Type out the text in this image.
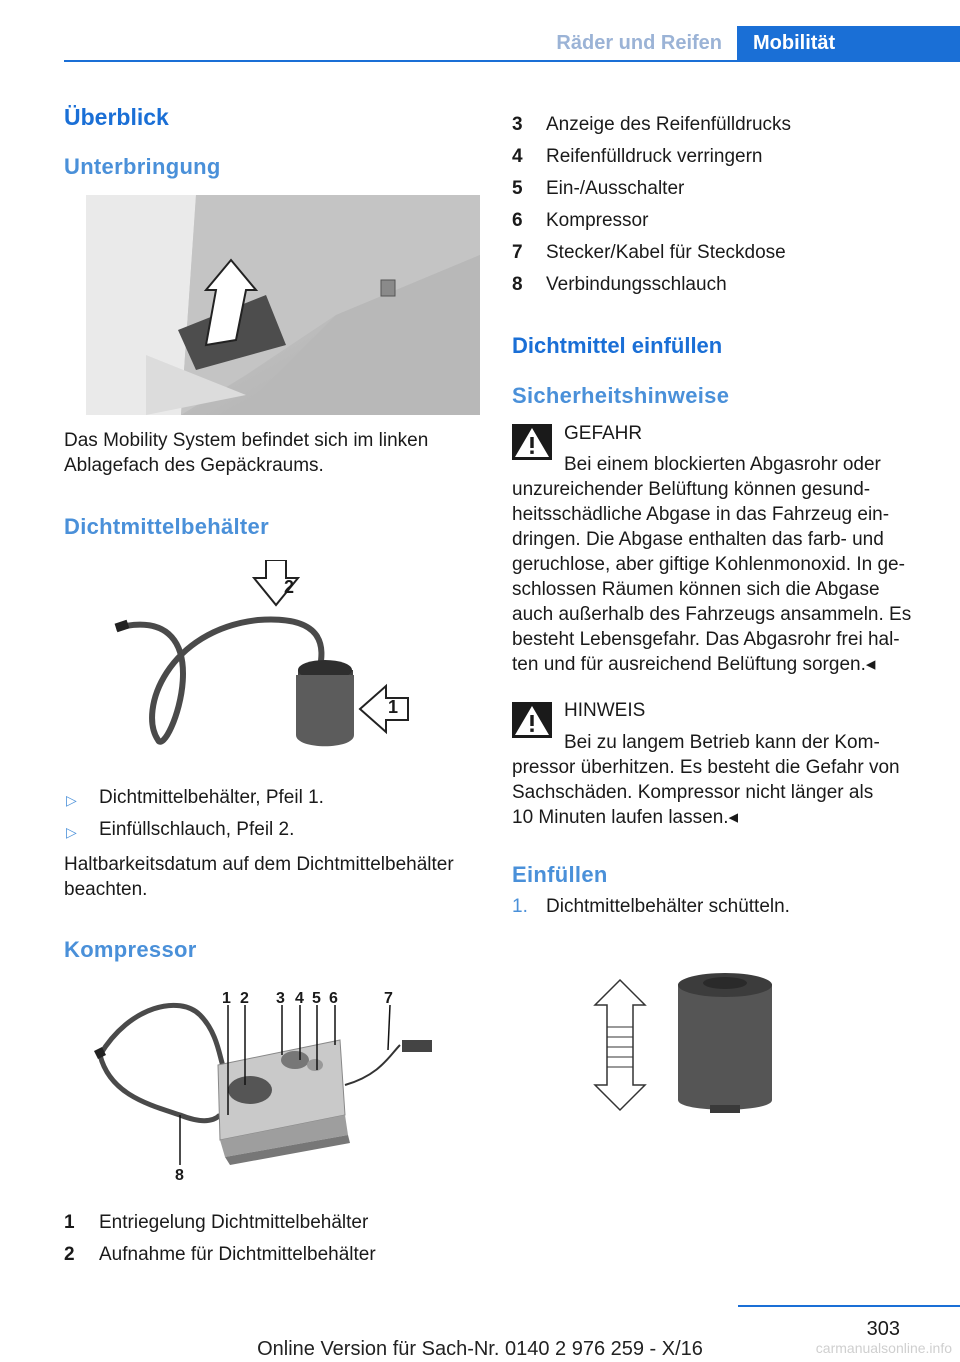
Räder und Reifen	Mobilität
Überblick
Unterbringung
Das Mobility System befindet sich im linken
Ablagefach des Gepäckraums.
Dichtmittelbehälter
2
1
▷ Dichtmittelbehälter, Pfeil 1.
▷ Einfüllschlauch, Pfeil 2.
Haltbarkeitsdatum auf dem Dichtmittelbehälter
beachten.
Kompressor
1 2 3 4 5 6	7
8
1 Entriegelung Dichtmittelbehälter
2 Aufnahme für Dichtmittelbehälter
3 Anzeige des Reifenfülldrucks
4 Reifenfülldruck verringern
5 Ein-/Ausschalter
6 Kompressor
7 Stecker/Kabel für Steckdose
8 Verbindungsschlauch
Dichtmittel einfüllen
Sicherheitshinweise
GEFAHR
Bei einem blockierten Abgasrohr oder
unzureichender Belüftung können gesund-
heitsschädliche Abgase in das Fahrzeug ein-
dringen. Die Abgase enthalten das farb- und
geruchlose, aber giftige Kohlenmonoxid. In ge-
schlossen Räumen können sich die Abgase
auch außerhalb des Fahrzeugs ansammeln. Es
besteht Lebensgefahr. Das Abgasrohr frei hal-
ten und für ausreichend Belüftung sorgen.◂
HINWEIS
Bei zu langem Betrieb kann der Kom-
pressor überhitzen. Es besteht die Gefahr von
Sachschäden. Kompressor nicht länger als
10 Minuten laufen lassen.◂
Einfüllen
1. Dichtmittelbehälter schütteln.
303
Online Version für Sach-Nr. 0140 2 976 259 - X/16	carmanualsonline.info
